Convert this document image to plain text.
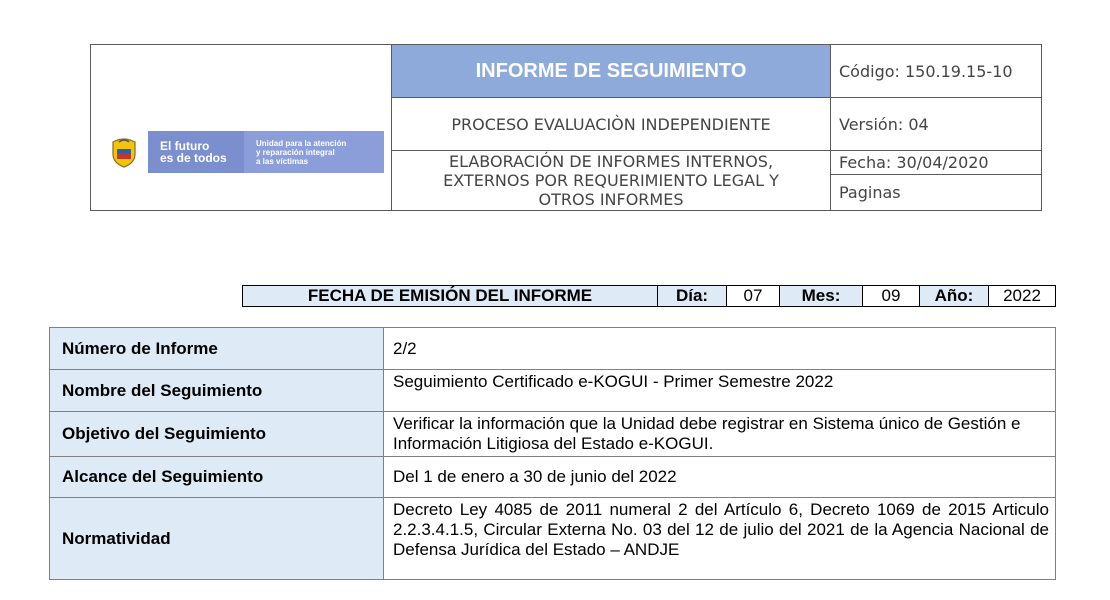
El futuro
es de todos
Unidad para la atención
y reparación integral
a las víctimas	INFORME DE SEGUIMIENTO	Código: 150.19.15-10
	PROCESO EVALUACIÒN INDEPENDIENTE	Versión: 04

	ELABORACIÓN DE INFORMES INTERNOS,
EXTERNOS POR REQUERIMIENTO LEGAL Y
OTROS INFORMES	Fecha: 30/04/2020
		Paginas
FECHA DE EMISIÓN DEL INFORME	Día:	07	Mes:	09	Año:	2022
Número de Informe	2/2
Nombre del Seguimiento	Seguimiento Certificado e-KOGUI - Primer Semestre 2022
Objetivo del Seguimiento	Verificar la información que la Unidad debe registrar en Sistema único de Gestión e Información Litigiosa del Estado e-KOGUI.
Alcance del Seguimiento	Del 1 de enero a 30 de junio del 2022
Normatividad	Decreto Ley 4085 de 2011 numeral 2 del Artículo 6, Decreto 1069 de 2015 Articulo 2.2.3.4.1.5, Circular Externa No. 03 del 12 de julio del 2021 de la Agencia Nacional de Defensa Jurídica del Estado – ANDJE
